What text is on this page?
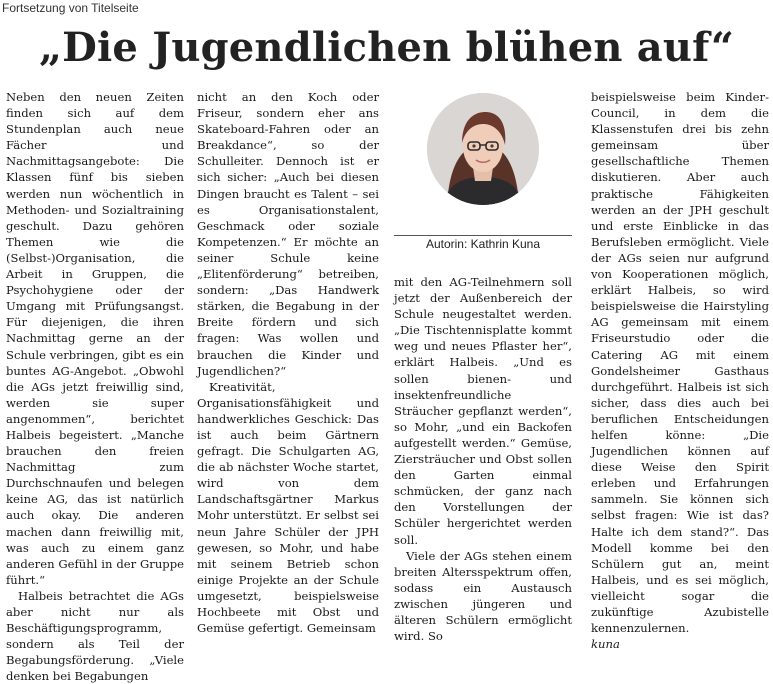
Fortsetzung von Titelseite
„Die Jugendlichen blühen auf“

Neben den neuen Zeiten finden sich auf dem Stundenplan auch neue Fächer und Nachmittagsangebote: Die Klassen fünf bis sieben werden nun wöchentlich in Methoden- und Sozialtraining geschult. Dazu gehören Themen wie die (Selbst-)Organisation, die Arbeit in Gruppen, die Psychohygiene oder der Umgang mit Prüfungsangst. Für diejenigen, die ihren Nachmittag gerne an der Schule verbringen, gibt es ein buntes AG-Angebot. „Obwohl die AGs jetzt freiwillig sind, werden sie super angenommen“, berichtet Halbeis begeistert. „Manche brauchen den freien Nachmittag zum Durchschnaufen und belegen keine AG, das ist natürlich auch okay. Die anderen machen dann freiwillig mit, was auch zu einem ganz anderen Gefühl in der Gruppe führt.“

Halbeis betrachtet die AGs aber nicht nur als Beschäftigungsprogramm, sondern als Teil der Begabungsförderung. „Viele denken bei Begabungen

nicht an den Koch oder Friseur, sondern eher ans Skateboard-Fahren oder an Breakdance“, so der Schulleiter. Dennoch ist er sich sicher: „Auch bei diesen Dingen braucht es Talent – sei es Organisationstalent, Geschmack oder soziale Kompetenzen.“ Er möchte an seiner Schule keine „Elitenförderung“ betreiben, sondern: „Das Handwerk stärken, die Begabung in der Breite fördern und sich fragen: Was wollen und brauchen die Kinder und Jugendlichen?“

Kreativität, Organisationsfähigkeit und handwerkliches Geschick: Das ist auch beim Gärtnern gefragt. Die Schulgarten AG, die ab nächster Woche startet, wird von dem Landschaftsgärtner Markus Mohr unterstützt. Er selbst sei neun Jahre Schüler der JPH gewesen, so Mohr, und habe mit seinem Betrieb schon einige Projekte an der Schule umgesetzt, beispielsweise Hochbeete mit Obst und Gemüse gefertigt. Gemeinsam

Autorin: Kathrin Kuna

mit den AG-Teilnehmern soll jetzt der Außenbereich der Schule neugestaltet werden. „Die Tischtennisplatte kommt weg und neues Pflaster her“, erklärt Halbeis. „Und es sollen bienen- und insektenfreundliche Sträucher gepflanzt werden“, so Mohr, „und ein Backofen aufgestellt werden.“ Gemüse, Ziersträucher und Obst sollen den Garten einmal schmücken, der ganz nach den Vorstellungen der Schüler hergerichtet werden soll.

Viele der AGs stehen einem breiten Altersspektrum offen, sodass ein Austausch zwischen jüngeren und älteren Schülern ermöglicht wird. So

beispielsweise beim Kinder-Council, in dem die Klassenstufen drei bis zehn gemeinsam über gesellschaftliche Themen diskutieren. Aber auch praktische Fähigkeiten werden an der JPH geschult und erste Einblicke in das Berufsleben ermöglicht. Viele der AGs seien nur aufgrund von Kooperationen möglich, erklärt Halbeis, so wird beispielsweise die Hairstyling AG gemeinsam mit einem Friseurstudio oder die Catering AG mit einem Gondelsheimer Gasthaus durchgeführt. Halbeis ist sich sicher, dass dies auch bei beruflichen Entscheidungen helfen könne: „Die Jugendlichen können auf diese Weise den Spirit erleben und Erfahrungen sammeln. Sie können sich selbst fragen: Wie ist das? Halte ich dem stand?“. Das Modell komme bei den Schülern gut an, meint Halbeis, und es sei möglich, vielleicht sogar die zukünftige Azubistelle kennenzulernen.

kuna
